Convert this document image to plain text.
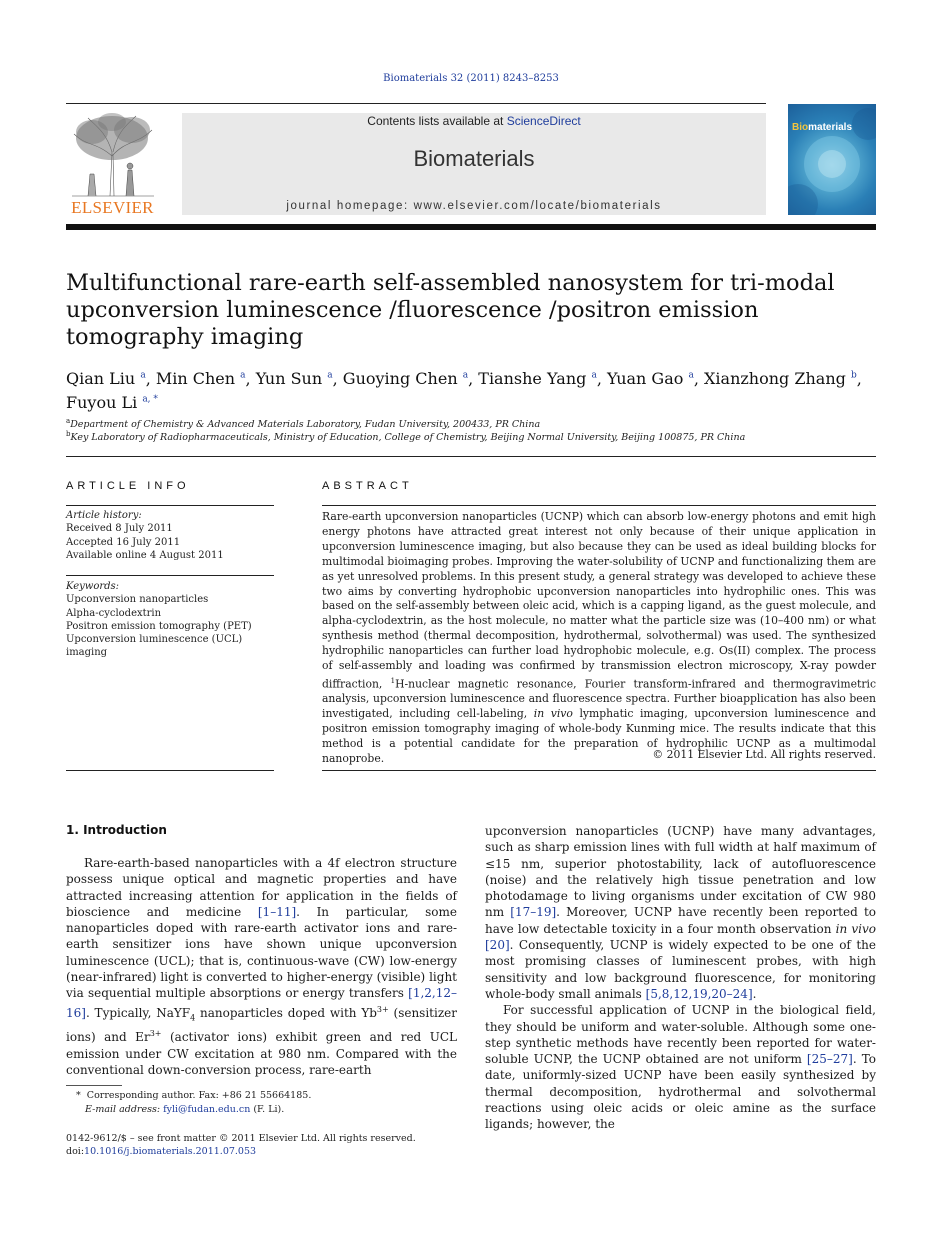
Biomaterials 32 (2011) 8243–8253
ELSEVIER
Contents lists available at ScienceDirect
Biomaterials
journal homepage: www.elsevier.com/locate/biomaterials
Biomaterials
Multifunctional rare-earth self-assembled nanosystem for tri-modal upconversion luminescence /fluorescence /positron emission tomography imaging
Qian Liu $^a$, Min Chen $^a$, Yun Sun $^a$, Guoying Chen $^a$, Tianshe Yang $^a$, Yuan Gao $^a$, Xianzhong Zhang $^b$,
Fuyou Li $^{a, *}$
$^a$Department of Chemistry & Advanced Materials Laboratory, Fudan University, 200433, PR China
$^b$Key Laboratory of Radiopharmaceuticals, Ministry of Education, College of Chemistry, Beijing Normal University, Beijing 100875, PR China
ARTICLE INFO
Article history:
Received 8 July 2011
Accepted 16 July 2011
Available online 4 August 2011
Keywords:
Upconversion nanoparticles
Alpha-cyclodextrin
Positron emission tomography (PET)
Upconversion luminescence (UCL) imaging
ABSTRACT
Rare-earth upconversion nanoparticles (UCNP) which can absorb low-energy photons and emit high energy photons have attracted great interest not only because of their unique application in upconversion luminescence imaging, but also because they can be used as ideal building blocks for multimodal bioimaging probes. Improving the water-solubility of UCNP and functionalizing them are as yet unresolved problems. In this present study, a general strategy was developed to achieve these two aims by converting hydrophobic upconversion nanoparticles into hydrophilic ones. This was based on the self-assembly between oleic acid, which is a capping ligand, as the guest molecule, and alpha-cyclodextrin, as the host molecule, no matter what the particle size was (10–400 nm) or what synthesis method (thermal decomposition, hydrothermal, solvothermal) was used. The synthesized hydrophilic nanoparticles can further load hydrophobic molecule, e.g. Os(II) complex. The process of self-assembly and loading was confirmed by transmission electron microscopy, X-ray powder diffraction, $^1$H-nuclear magnetic resonance, Fourier transform-infrared and thermogravimetric analysis, upconversion luminescence and fluorescence spectra. Further bioapplication has also been investigated, including cell-labeling, in vivo lymphatic imaging, upconversion luminescence and positron emission tomography imaging of whole-body Kunming mice. The results indicate that this method is a potential candidate for the preparation of hydrophilic UCNP as a multimodal nanoprobe.	© 2011 Elsevier Ltd. All rights reserved.
1. Introduction

Rare-earth-based nanoparticles with a 4f electron structure possess unique optical and magnetic properties and have attracted increasing attention for application in the fields of bioscience and medicine [1–11]. In particular, some nanoparticles doped with rare-earth activator ions and rare-earth sensitizer ions have shown unique upconversion luminescence (UCL); that is, continuous-wave (CW) low-energy (near-infrared) light is converted to higher-energy (visible) light via sequential multiple absorptions or energy transfers [1,2,12–16]. Typically, NaYF$_4$ nanoparticles doped with $Yb^{3+}$ (sensitizer ions) and $Er^{3+}$ (activator ions) exhibit green and red UCL emission under CW excitation at 980 nm. Compared with the conventional down-conversion process, rare-earth

upconversion nanoparticles (UCNP) have many advantages, such as sharp emission lines with full width at half maximum of ≤15 nm, superior photostability, lack of autofluorescence (noise) and the relatively high tissue penetration and low photodamage to living organisms under excitation of CW 980 nm [17–19]. Moreover, UCNP have recently been reported to have low detectable toxicity in a four month observation in vivo [20]. Consequently, UCNP is widely expected to be one of the most promising classes of luminescent probes, with high sensitivity and low background fluorescence, for monitoring whole-body small animals [5,8,12,19,20–24].

For successful application of UCNP in the biological field, they should be uniform and water-soluble. Although some one-step synthetic methods have recently been reported for water-soluble UCNP, the UCNP obtained are not uniform [25–27]. To date, uniformly-sized UCNP have been easily synthesized by thermal decomposition, hydrothermal and solvothermal reactions using oleic acids or oleic amine as the surface ligands; however, the

* Corresponding author. Fax: +86 21 55664185.
E-mail address: fyli@fudan.edu.cn (F. Li).
0142-9612/$ – see front matter © 2011 Elsevier Ltd. All rights reserved.
doi:10.1016/j.biomaterials.2011.07.053
